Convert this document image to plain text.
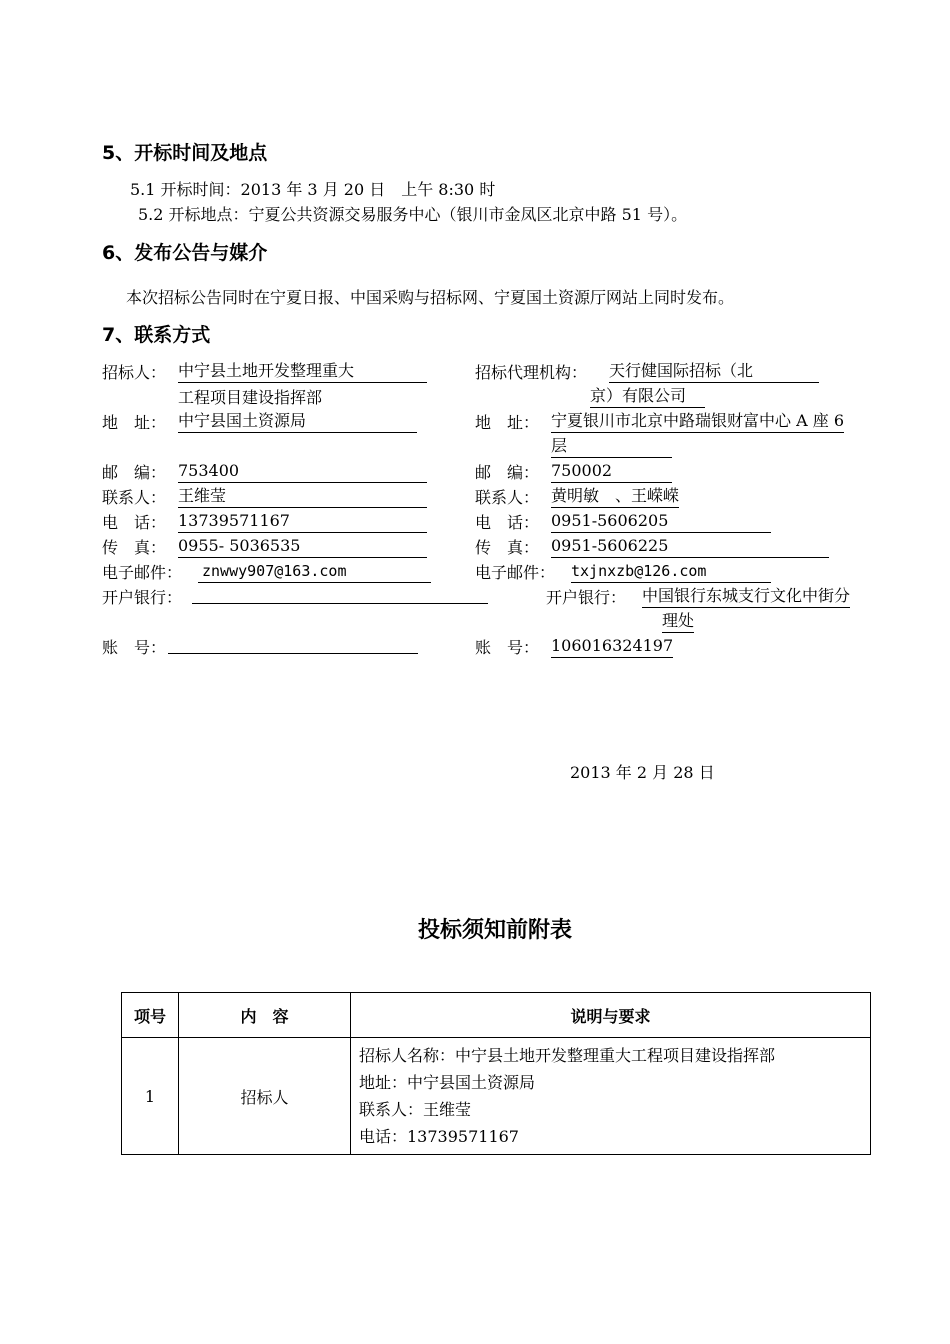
5、开标时间及地点
5.1 开标时间：2013 年 3 月 20 日　上午 8:30 时
5.2 开标地点：宁夏公共资源交易服务中心（银川市金凤区北京中路 51 号）。
6、发布公告与媒介
本次招标公告同时在宁夏日报、中国采购与招标网、宁夏国土资源厅网站上同时发布。
7、联系方式
招标人： 中宁县土地开发整理重大
工程项目建设指挥部
地　址： 中宁县国土资源局
邮　编： 753400
联系人： 王维莹
电　话： 13739571167
传　真： 0955- 5036535
电子邮件： znwwy907@163.com
开户银行：
账　号：
招标代理机构： 天行健国际招标（北
京）有限公司
地　址： 宁夏银川市北京中路瑞银财富中心 A 座 6
层
邮　编： 750002
联系人： 黄明敏　、王嵘嵘
电　话： 0951-5606205
传　真： 0951-5606225
电子邮件： txjnxzb@126.com
开户银行： 中国银行东城支行文化中街分
理处
账　号： 106016324197
2013 年 2 月 28 日
投标须知前附表
项号	内　容	说明与要求
1	招标人	招标人名称：中宁县土地开发整理重大工程项目建设指挥部
地址：中宁县国土资源局
联系人：王维莹
电话：13739571167
